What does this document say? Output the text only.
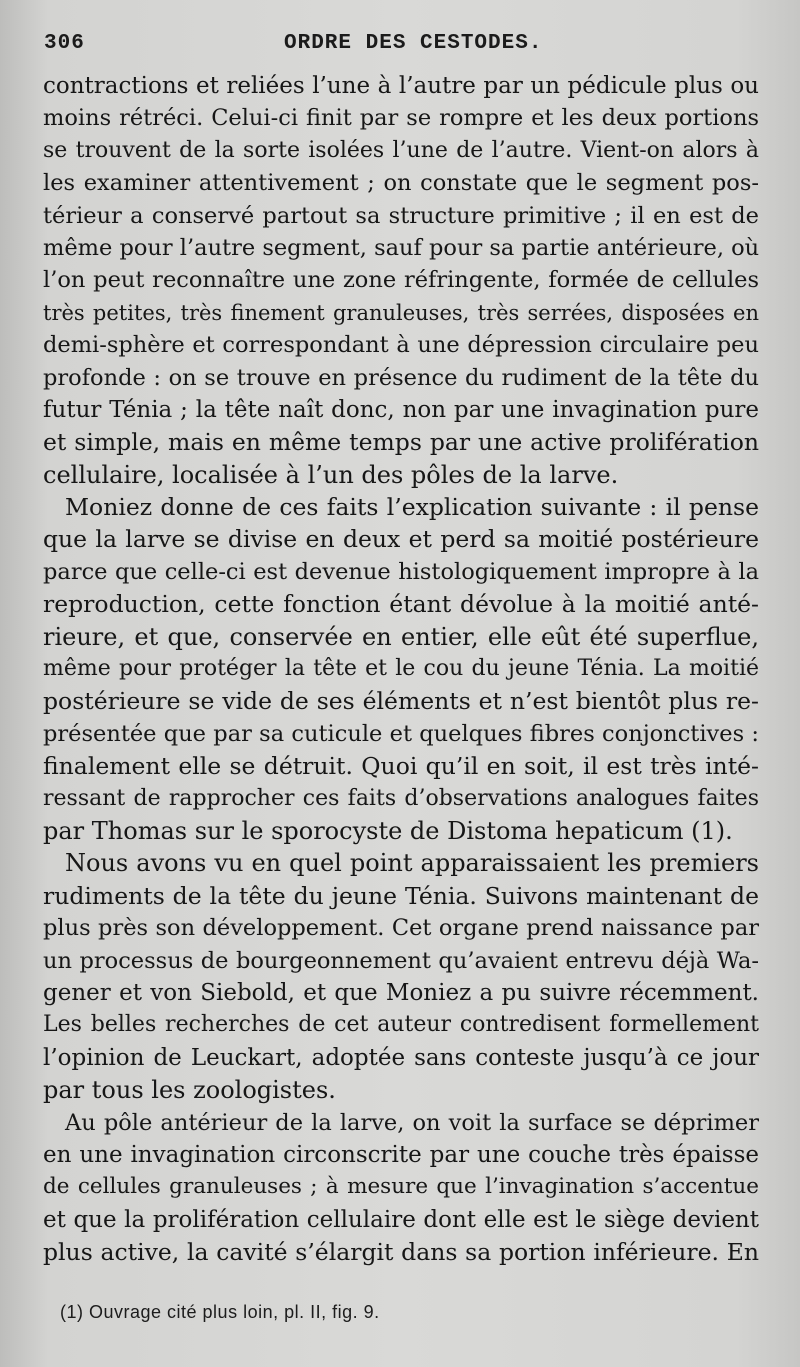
306	ORDRE DES CESTODES.
contractions et reliées l’une à l’autre par un pédicule plus ou
moins rétréci. Celui-ci finit par se rompre et les deux portions
se trouvent de la sorte isolées l’une de l’autre. Vient-on alors à
les examiner attentivement ; on constate que le segment pos-
térieur a conservé partout sa structure primitive ; il en est de
même pour l’autre segment, sauf pour sa partie antérieure, où
l’on peut reconnaître une zone réfringente, formée de cellules
très petites, très finement granuleuses, très serrées, disposées en
demi-sphère et correspondant à une dépression circulaire peu
profonde : on se trouve en présence du rudiment de la tête du
futur Ténia ; la tête naît donc, non par une invagination pure
et simple, mais en même temps par une active prolifération
cellulaire, localisée à l’un des pôles de la larve.
Moniez donne de ces faits l’explication suivante : il pense
que la larve se divise en deux et perd sa moitié postérieure
parce que celle-ci est devenue histologiquement impropre à la
reproduction, cette fonction étant dévolue à la moitié anté-
rieure, et que, conservée en entier, elle eût été superflue,
même pour protéger la tête et le cou du jeune Ténia. La moitié
postérieure se vide de ses éléments et n’est bientôt plus re-
présentée que par sa cuticule et quelques fibres conjonctives :
finalement elle se détruit. Quoi qu’il en soit, il est très inté-
ressant de rapprocher ces faits d’observations analogues faites
par Thomas sur le sporocyste de Distoma hepaticum (1).
Nous avons vu en quel point apparaissaient les premiers
rudiments de la tête du jeune Ténia. Suivons maintenant de
plus près son développement. Cet organe prend naissance par
un processus de bourgeonnement qu’avaient entrevu déjà Wa-
gener et von Siebold, et que Moniez a pu suivre récemment.
Les belles recherches de cet auteur contredisent formellement
l’opinion de Leuckart, adoptée sans conteste jusqu’à ce jour
par tous les zoologistes.
Au pôle antérieur de la larve, on voit la surface se déprimer
en une invagination circonscrite par une couche très épaisse
de cellules granuleuses ; à mesure que l’invagination s’accentue
et que la prolifération cellulaire dont elle est le siège devient
plus active, la cavité s’élargit dans sa portion inférieure. En
(1) Ouvrage cité plus loin, pl. II, fig. 9.
